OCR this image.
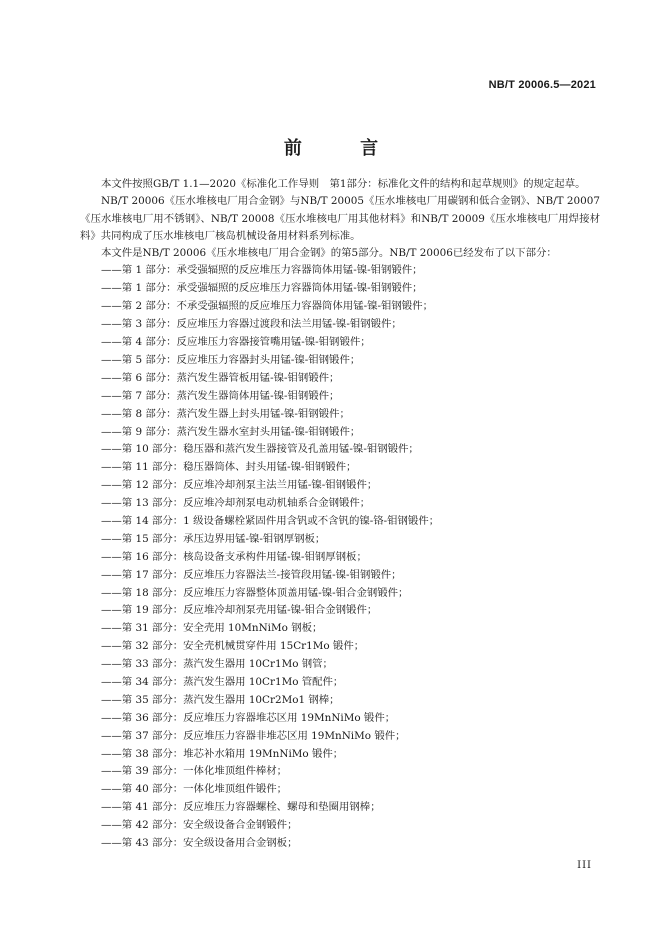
NB/T 20006.5—2021
前 言

本文件按照GB/T 1.1—2020《标准化工作导则　第1部分：标准化文件的结构和起草规则》的规定起草。

NB/T 20006《压水堆核电厂用合金钢》与NB/T 20005《压水堆核电厂用碳钢和低合金钢》、NB/T 20007《压水堆核电厂用不锈钢》、NB/T 20008《压水堆核电厂用其他材料》和NB/T 20009《压水堆核电厂用焊接材料》共同构成了压水堆核电厂核岛机械设备用材料系列标准。

本文件是NB/T 20006《压水堆核电厂用合金钢》的第5部分。NB/T 20006已经发布了以下部分：

——第 1 部分：承受强辐照的反应堆压力容器筒体用锰-镍-钼钢锻件；
——第 1 部分：承受强辐照的反应堆压力容器筒体用锰-镍-钼钢锻件；
——第 2 部分：不承受强辐照的反应堆压力容器筒体用锰-镍-钼钢锻件；
——第 3 部分：反应堆压力容器过渡段和法兰用锰-镍-钼钢锻件；
——第 4 部分：反应堆压力容器接管嘴用锰-镍-钼钢锻件；
——第 5 部分：反应堆压力容器封头用锰-镍-钼钢锻件；
——第 6 部分：蒸汽发生器管板用锰-镍-钼钢锻件；
——第 7 部分：蒸汽发生器筒体用锰-镍-钼钢锻件；
——第 8 部分：蒸汽发生器上封头用锰-镍-钼钢锻件；
——第 9 部分：蒸汽发生器水室封头用锰-镍-钼钢锻件；
——第 10 部分：稳压器和蒸汽发生器接管及孔盖用锰-镍-钼钢锻件；
——第 11 部分：稳压器筒体、封头用锰-镍-钼钢锻件；
——第 12 部分：反应堆冷却剂泵主法兰用锰-镍-钼钢锻件；
——第 13 部分：反应堆冷却剂泵电动机轴系合金钢锻件；
——第 14 部分：1 级设备螺栓紧固件用含钒或不含钒的镍-铬-钼钢锻件；
——第 15 部分：承压边界用锰-镍-钼钢厚钢板；
——第 16 部分：核岛设备支承构件用锰-镍-钼钢厚钢板；
——第 17 部分：反应堆压力容器法兰-接管段用锰-镍-钼钢锻件；
——第 18 部分：反应堆压力容器整体顶盖用锰-镍-钼合金钢锻件；
——第 19 部分：反应堆冷却剂泵壳用锰-镍-钼合金钢锻件；
——第 31 部分：安全壳用 10MnNiMo 钢板；
——第 32 部分：安全壳机械贯穿件用 15Cr1Mo 锻件；
——第 33 部分：蒸汽发生器用 10Cr1Mo 钢管；
——第 34 部分：蒸汽发生器用 10Cr1Mo 管配件；
——第 35 部分：蒸汽发生器用 10Cr2Mo1 钢棒；
——第 36 部分：反应堆压力容器堆芯区用 19MnNiMo 锻件；
——第 37 部分：反应堆压力容器非堆芯区用 19MnNiMo 锻件；
——第 38 部分：堆芯补水箱用 19MnNiMo 锻件；
——第 39 部分：一体化堆顶组件棒材；
——第 40 部分：一体化堆顶组件锻件；
——第 41 部分：反应堆压力容器螺栓、螺母和垫圈用钢棒；
——第 42 部分：安全级设备合金钢锻件；
——第 43 部分：安全级设备用合金钢板；
III
